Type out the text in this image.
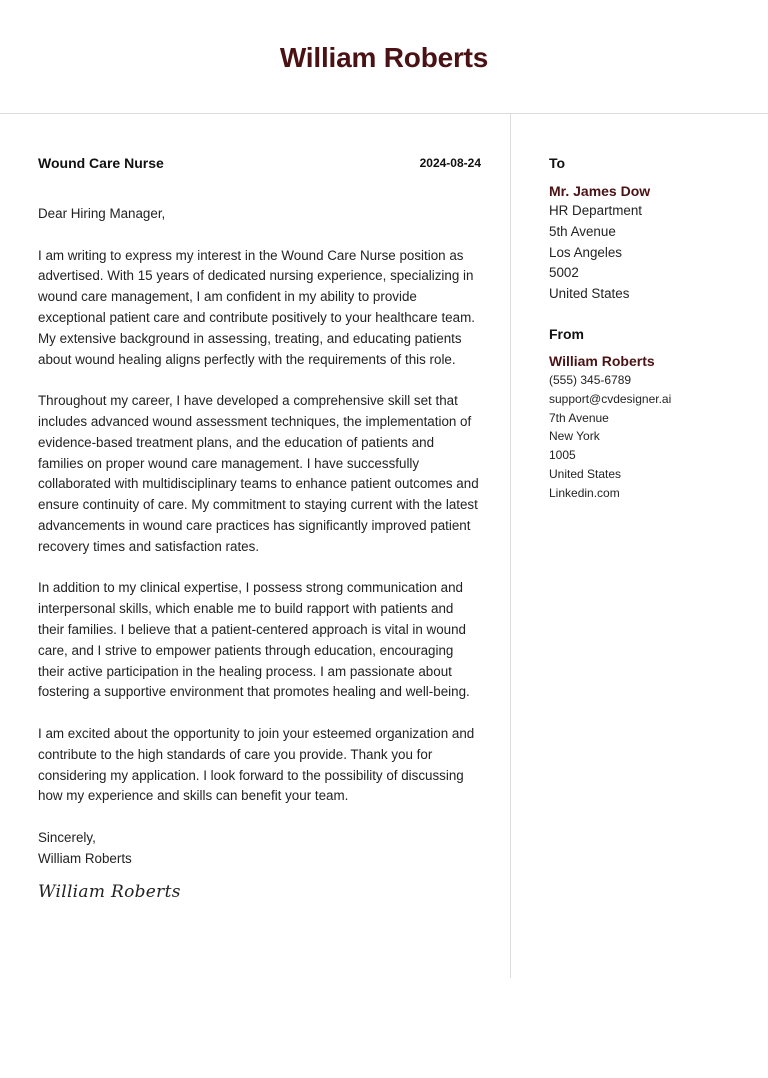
William Roberts
Wound Care Nurse	2024-08-24
Dear Hiring Manager,

I am writing to express my interest in the Wound Care Nurse position as advertised. With 15 years of dedicated nursing experience, specializing in wound care management, I am confident in my ability to provide exceptional patient care and contribute positively to your healthcare team. My extensive background in assessing, treating, and educating patients about wound healing aligns perfectly with the requirements of this role.

Throughout my career, I have developed a comprehensive skill set that includes advanced wound assessment techniques, the implementation of evidence-based treatment plans, and the education of patients and families on proper wound care management. I have successfully collaborated with multidisciplinary teams to enhance patient outcomes and ensure continuity of care. My commitment to staying current with the latest advancements in wound care practices has significantly improved patient recovery times and satisfaction rates.

In addition to my clinical expertise, I possess strong communication and interpersonal skills, which enable me to build rapport with patients and their families. I believe that a patient-centered approach is vital in wound care, and I strive to empower patients through education, encouraging their active participation in the healing process. I am passionate about fostering a supportive environment that promotes healing and well-being.

I am excited about the opportunity to join your esteemed organization and contribute to the high standards of care you provide. Thank you for considering my application. I look forward to the possibility of discussing how my experience and skills can benefit your team.

Sincerely,
William Roberts
William Roberts
To
Mr. James Dow
HR Department
5th Avenue
Los Angeles
5002
United States
From
William Roberts
(555) 345-6789
support@cvdesigner.ai
7th Avenue
New York
1005
United States
Linkedin.com
